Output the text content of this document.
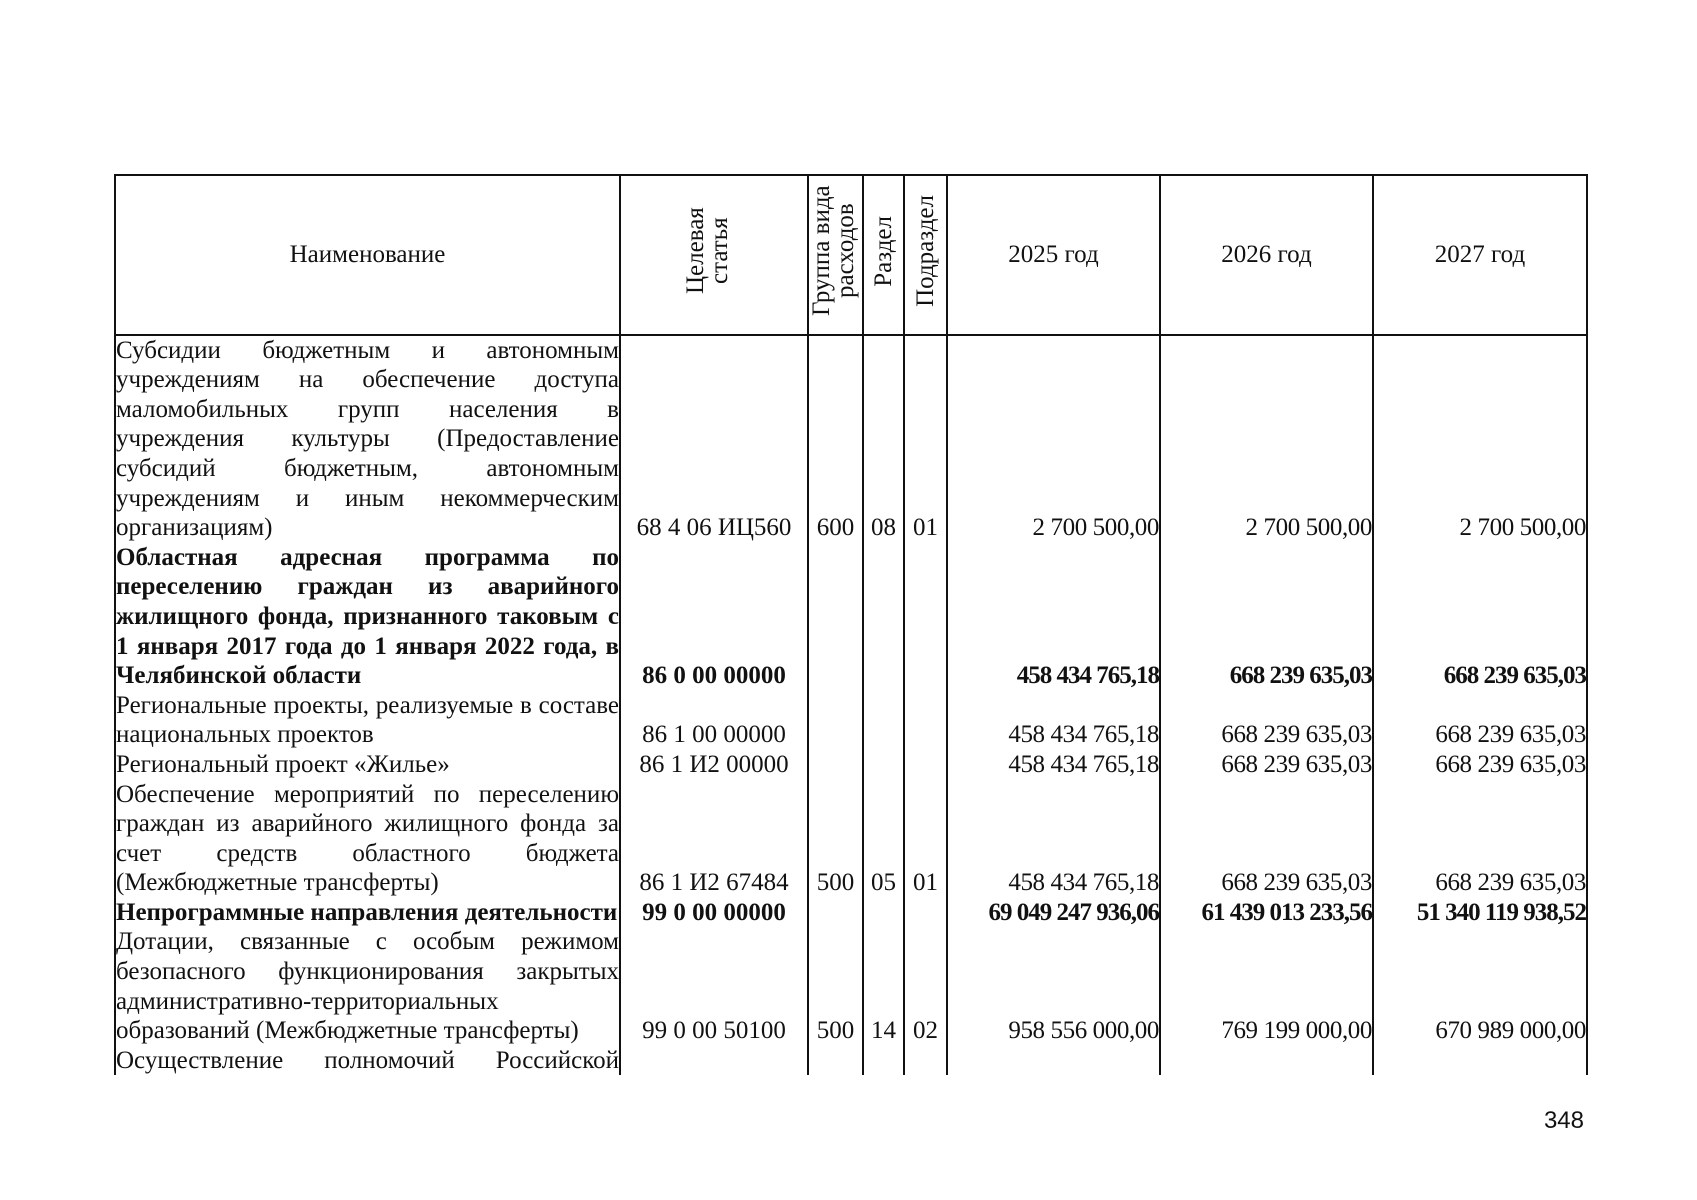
Наименование	Целевая статья	Группа вида расходов	Раздел	Подраздел	2025 год	2026 год	2027 год
Субсидии бюджетным и автономным учреждениям на обеспечение доступа маломобильных групп населения в учреждения культуры (Предоставление субсидий бюджетным, автономным учреждениям и иным некоммерческим организациям)	68 4 06 ИЦ560	600	08	01	2 700 500,00	2 700 500,00	2 700 500,00
Областная адресная программа по переселению граждан из аварийного жилищного фонда, признанного таковым с 1 января 2017 года до 1 января 2022 года, в Челябинской области	86 0 00 00000				458 434 765,18	668 239 635,03	668 239 635,03
Региональные проекты, реализуемые в составе национальных проектов	86 1 00 00000				458 434 765,18	668 239 635,03	668 239 635,03
Региональный проект «Жилье»	86 1 И2 00000				458 434 765,18	668 239 635,03	668 239 635,03
Обеспечение мероприятий по переселению граждан из аварийного жилищного фонда за счет средств областного бюджета (Межбюджетные трансферты)	86 1 И2 67484	500	05	01	458 434 765,18	668 239 635,03	668 239 635,03
Непрограммные направления деятельности	99 0 00 00000				69 049 247 936,06	61 439 013 233,56	51 340 119 938,52
Дотации, связанные с особым режимом безопасного функционирования закрытых административно-территориальных образований (Межбюджетные трансферты)	99 0 00 50100	500	14	02	958 556 000,00	769 199 000,00	670 989 000,00
Осуществление полномочий Российской							
348
